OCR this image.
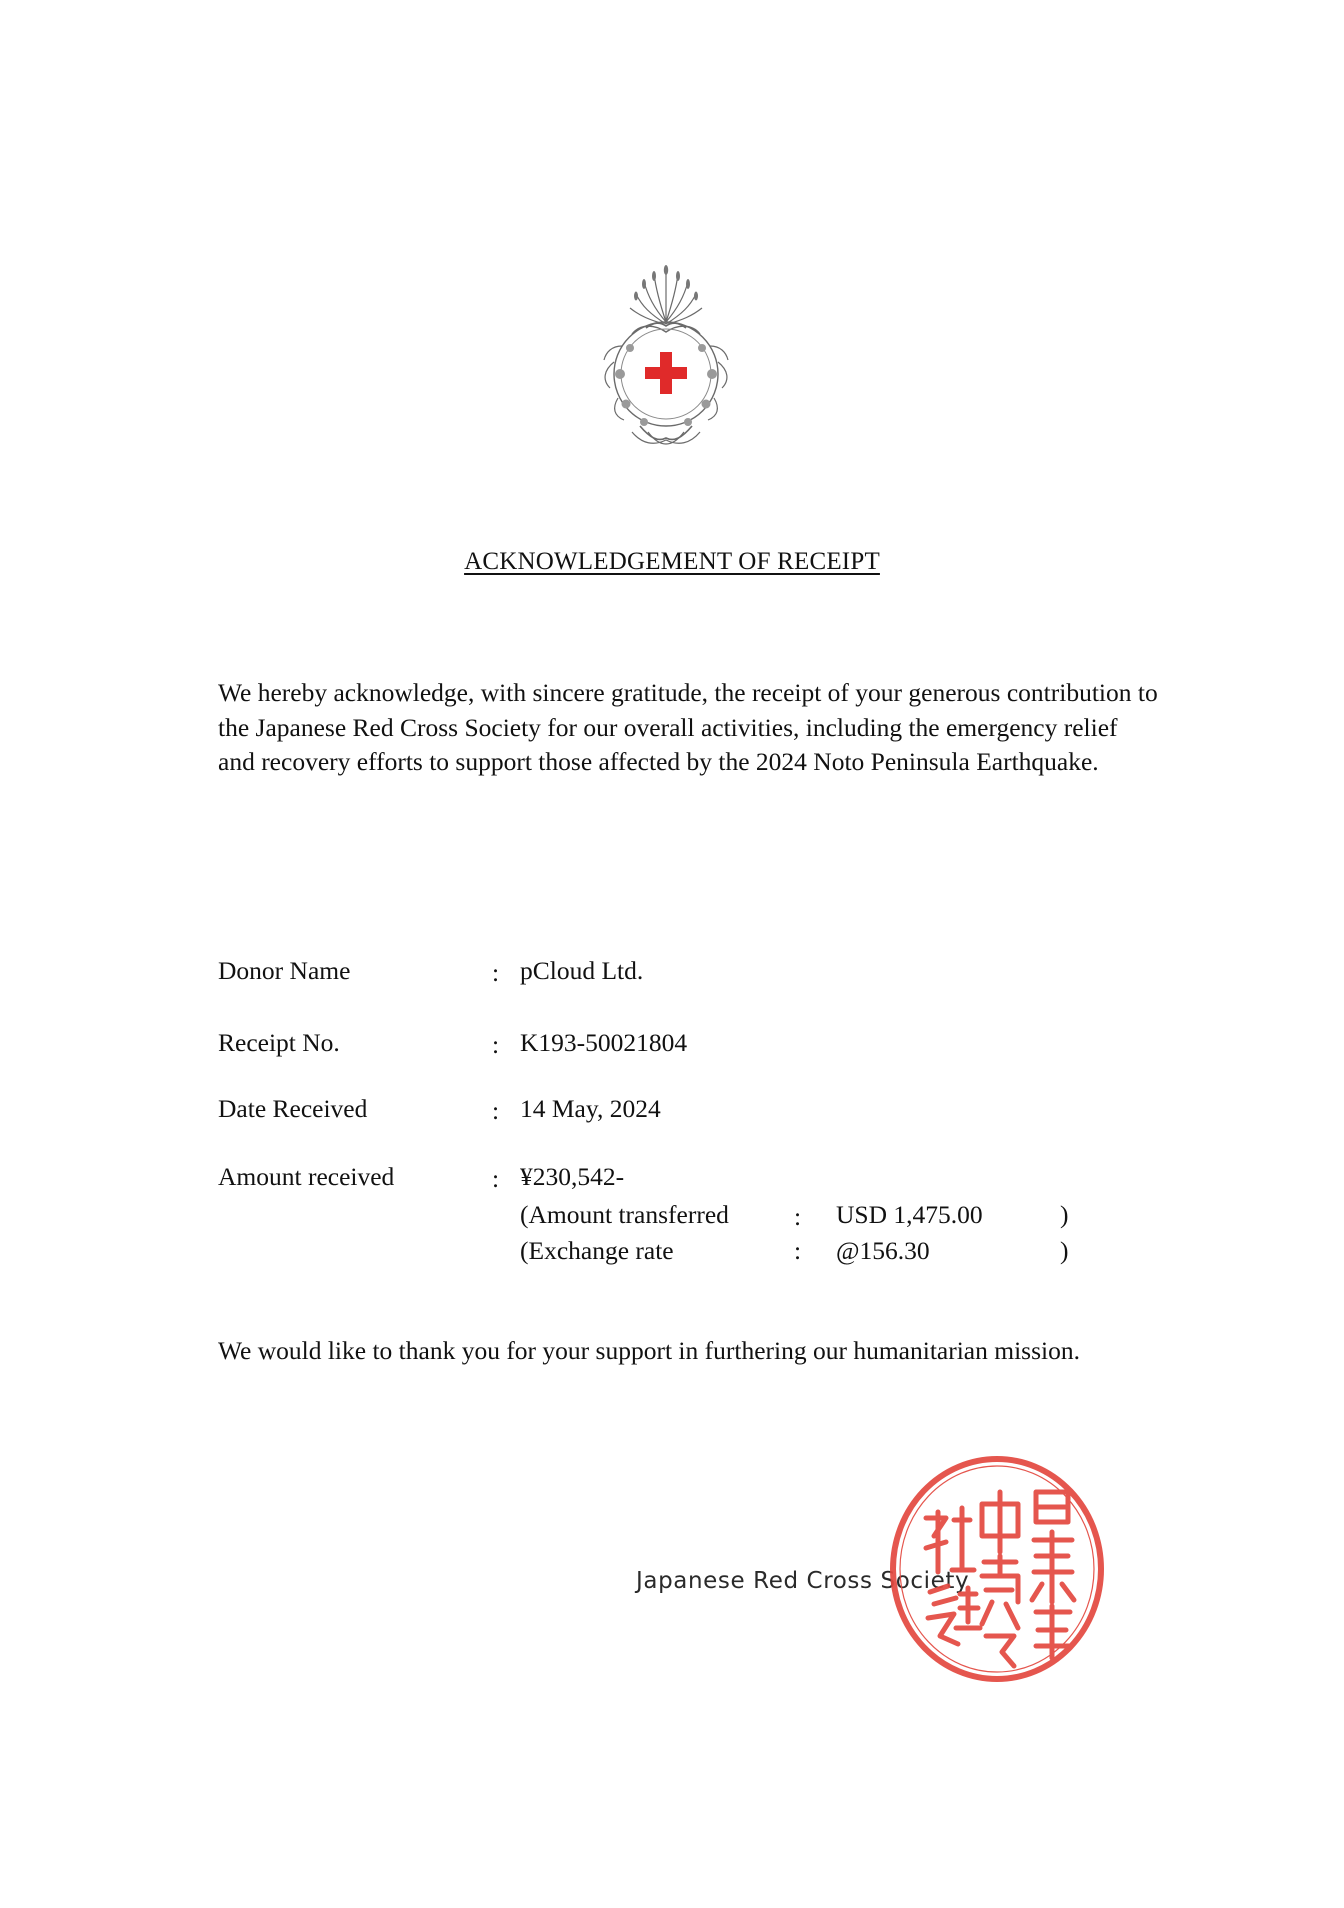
ACKNOWLEDGEMENT OF RECEIPT
We hereby acknowledge, with sincere gratitude, the receipt of your generous contribution to the Japanese Red Cross Society for our overall activities, including the emergency relief and recovery efforts to support those affected by the 2024 Noto Peninsula Earthquake.
Donor Name	: pCloud Ltd.
Receipt No.	: K193-50021804
Date Received	: 14 May, 2024
Amount received	: ¥230,542-
(Amount transferred	: USD 1,475.00	)
(Exchange rate	: @156.30	)
We would like to thank you for your support in furthering our humanitarian mission.
Japanese Red Cross Society
